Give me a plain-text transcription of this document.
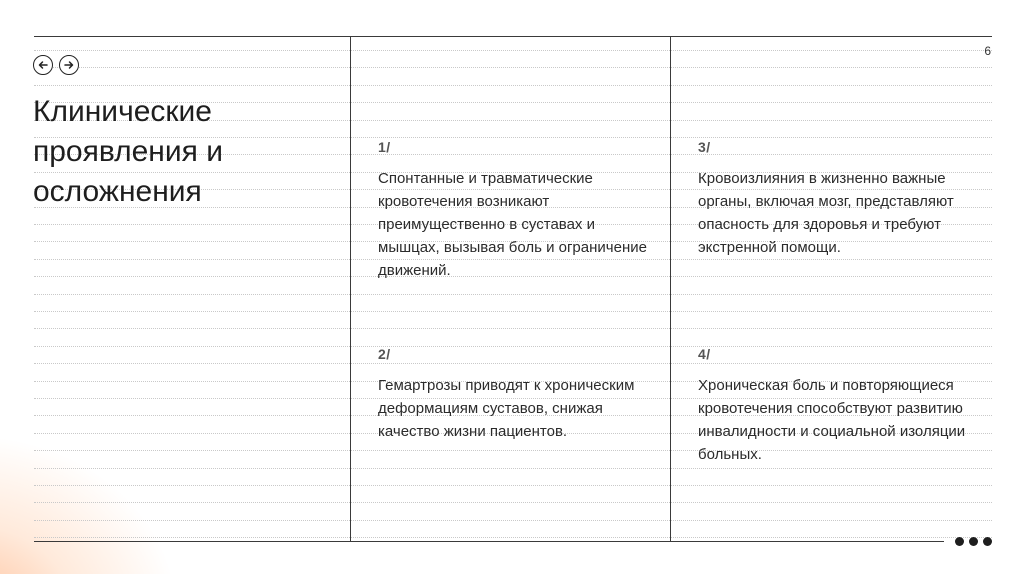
6
Клинические
проявления и
осложнения
1/
Спонтанные и травматические кровотечения возникают преимущественно в суставах и мышцах, вызывая боль и ограничение движений.
2/
Гемартрозы приводят к хроническим деформациям суставов, снижая качество жизни пациентов.
3/
Кровоизлияния в жизненно важные органы, включая мозг, представляют опасность для здоровья и требуют экстренной помощи.
4/
Хроническая боль и повторяющиеся кровотечения способствуют развитию инвалидности и социальной изоляции больных.
